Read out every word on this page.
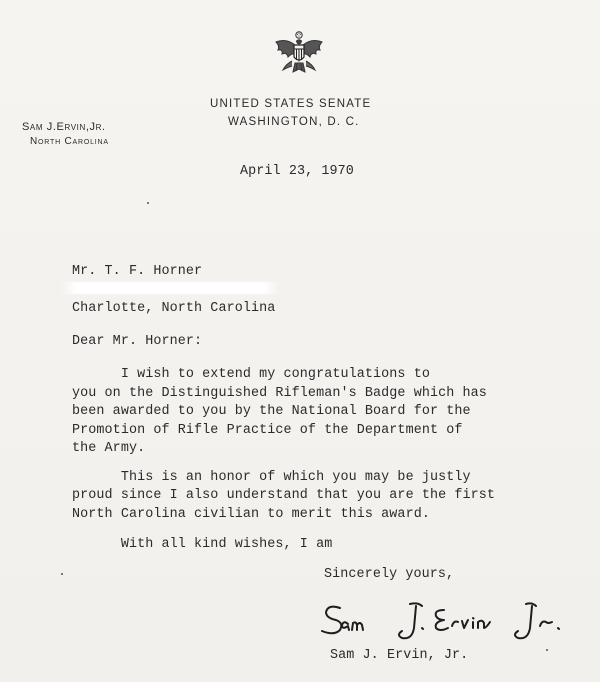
UNITED STATES SENATE
WASHINGTON, D. C.
Sam J.Ervin,Jr.
North Carolina
April 23, 1970
Mr. T. F. Horner
Charlotte, North Carolina
Dear Mr. Horner:
I wish to extend my congratulations to
you on the Distinguished Rifleman's Badge which has
been awarded to you by the National Board for the
Promotion of Rifle Practice of the Department of
the Army.
This is an honor of which you may be justly
proud since I also understand that you are the first
North Carolina civilian to merit this award.
With all kind wishes, I am
Sincerely yours,
Sam J. Ervin, Jr.
